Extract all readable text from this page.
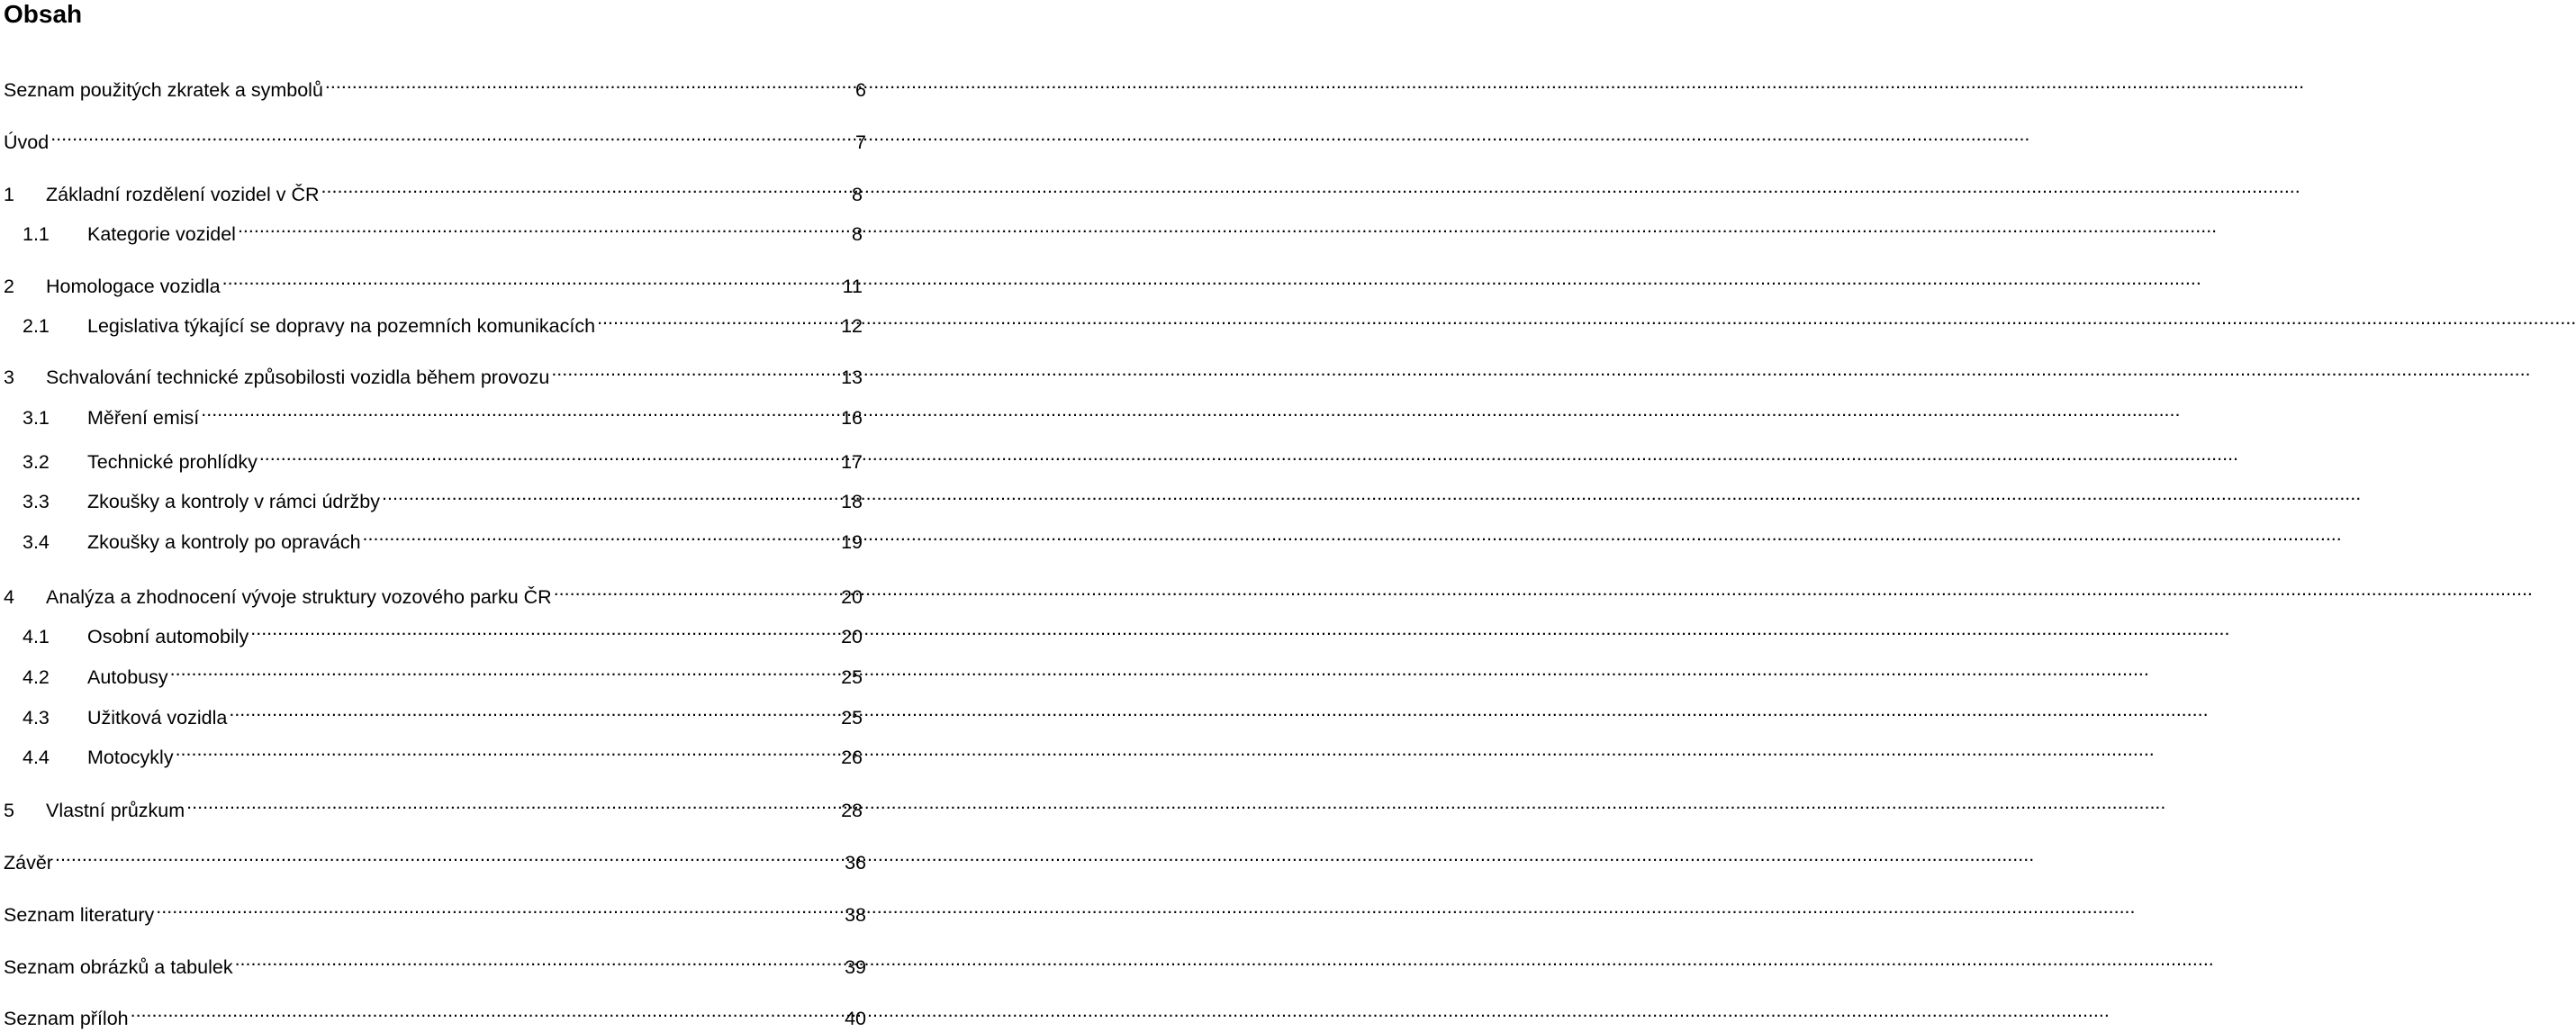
Obsah
Seznam použitých zkratek a symbolů .....	6
Úvod .....	7
1	Základní rozdělení vozidel v ČR .....	8
1.1	Kategorie vozidel .....	8
2	Homologace vozidla .....	11
2.1	Legislativa týkající se dopravy na pozemních komunikacích .....	12
3	Schvalování technické způsobilosti vozidla během provozu .....	13
3.1	Měření emisí .....	16
3.2	Technické prohlídky .....	17
3.3	Zkoušky a kontroly v rámci údržby .....	18
3.4	Zkoušky a kontroly po opravách .....	19
4	Analýza a zhodnocení vývoje struktury vozového parku ČR .....	20
4.1	Osobní automobily .....	20
4.2	Autobusy .....	25
4.3	Užitková vozidla .....	25
4.4	Motocykly .....	26
5	Vlastní průzkum .....	28
Závěr .....	36
Seznam literatury .....	38
Seznam obrázků a tabulek .....	39
Seznam příloh .....	40
